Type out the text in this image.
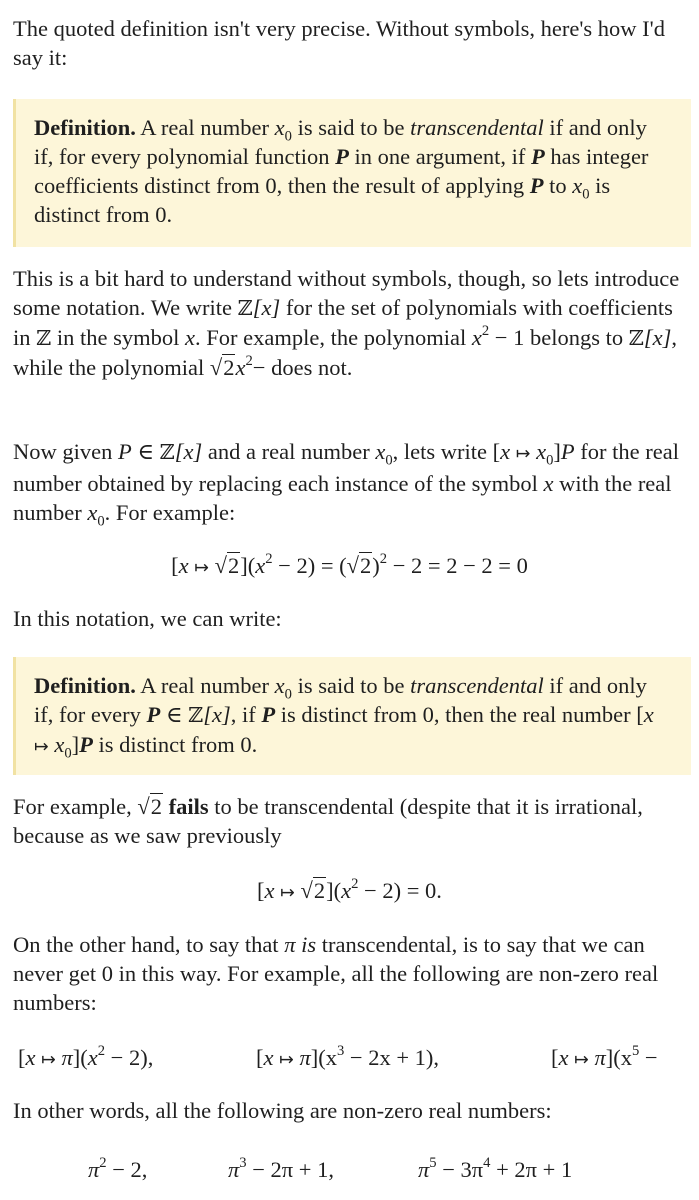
The quoted definition isn't very precise. Without symbols, here's how I'd say it:

Definition. A real number $x_0$ is said to be transcendental if and only if, for every polynomial function P in one argument, if P has integer coefficients distinct from 0, then the result of applying P to $x_0$ is distinct from 0.

This is a bit hard to understand without symbols, though, so lets introduce some notation. We write ℤ[x] for the set of polynomials with coefficients in ℤ in the symbol x. For example, the polynomial $x^2 - 1$ belongs to ℤ[x], while the polynomial $√2x^2-$ does not.

Now given P ∈ ℤ[x] and a real number $x_0$, lets write [x ↦ $x_0]P$ for the real number obtained by replacing each instance of the symbol x with the real number $x_0$. For example:

[x ↦ $√2](x^2 - 2) = (√2)^2 - 2 = 2 - 2 = 0$

In this notation, we can write:

Definition. A real number $x_0$ is said to be transcendental if and only if, for every P ∈ ℤ[x], if P is distinct from 0, then the real number [x ↦ $x_0]P$ is distinct from 0.

For example, √2 fails to be transcendental (despite that it is irrational, because as we saw previously

[x ↦ $√2](x^2 - 2) = 0$.

On the other hand, to say that π is transcendental, is to say that we can never get 0 in this way. For example, all the following are non-zero real numbers:

[x ↦ $\pi](x^2 - 2)$,	[x ↦ $\pi](x^3 - 2x + 1)$,	[x ↦ $\pi](x^5$ −

In other words, all the following are non-zero real numbers:

$\pi^2 - 2$,	$\pi^3 - 2\pi + 1$,	$\pi^5 - 3\pi^4 + 2\pi + 1$
